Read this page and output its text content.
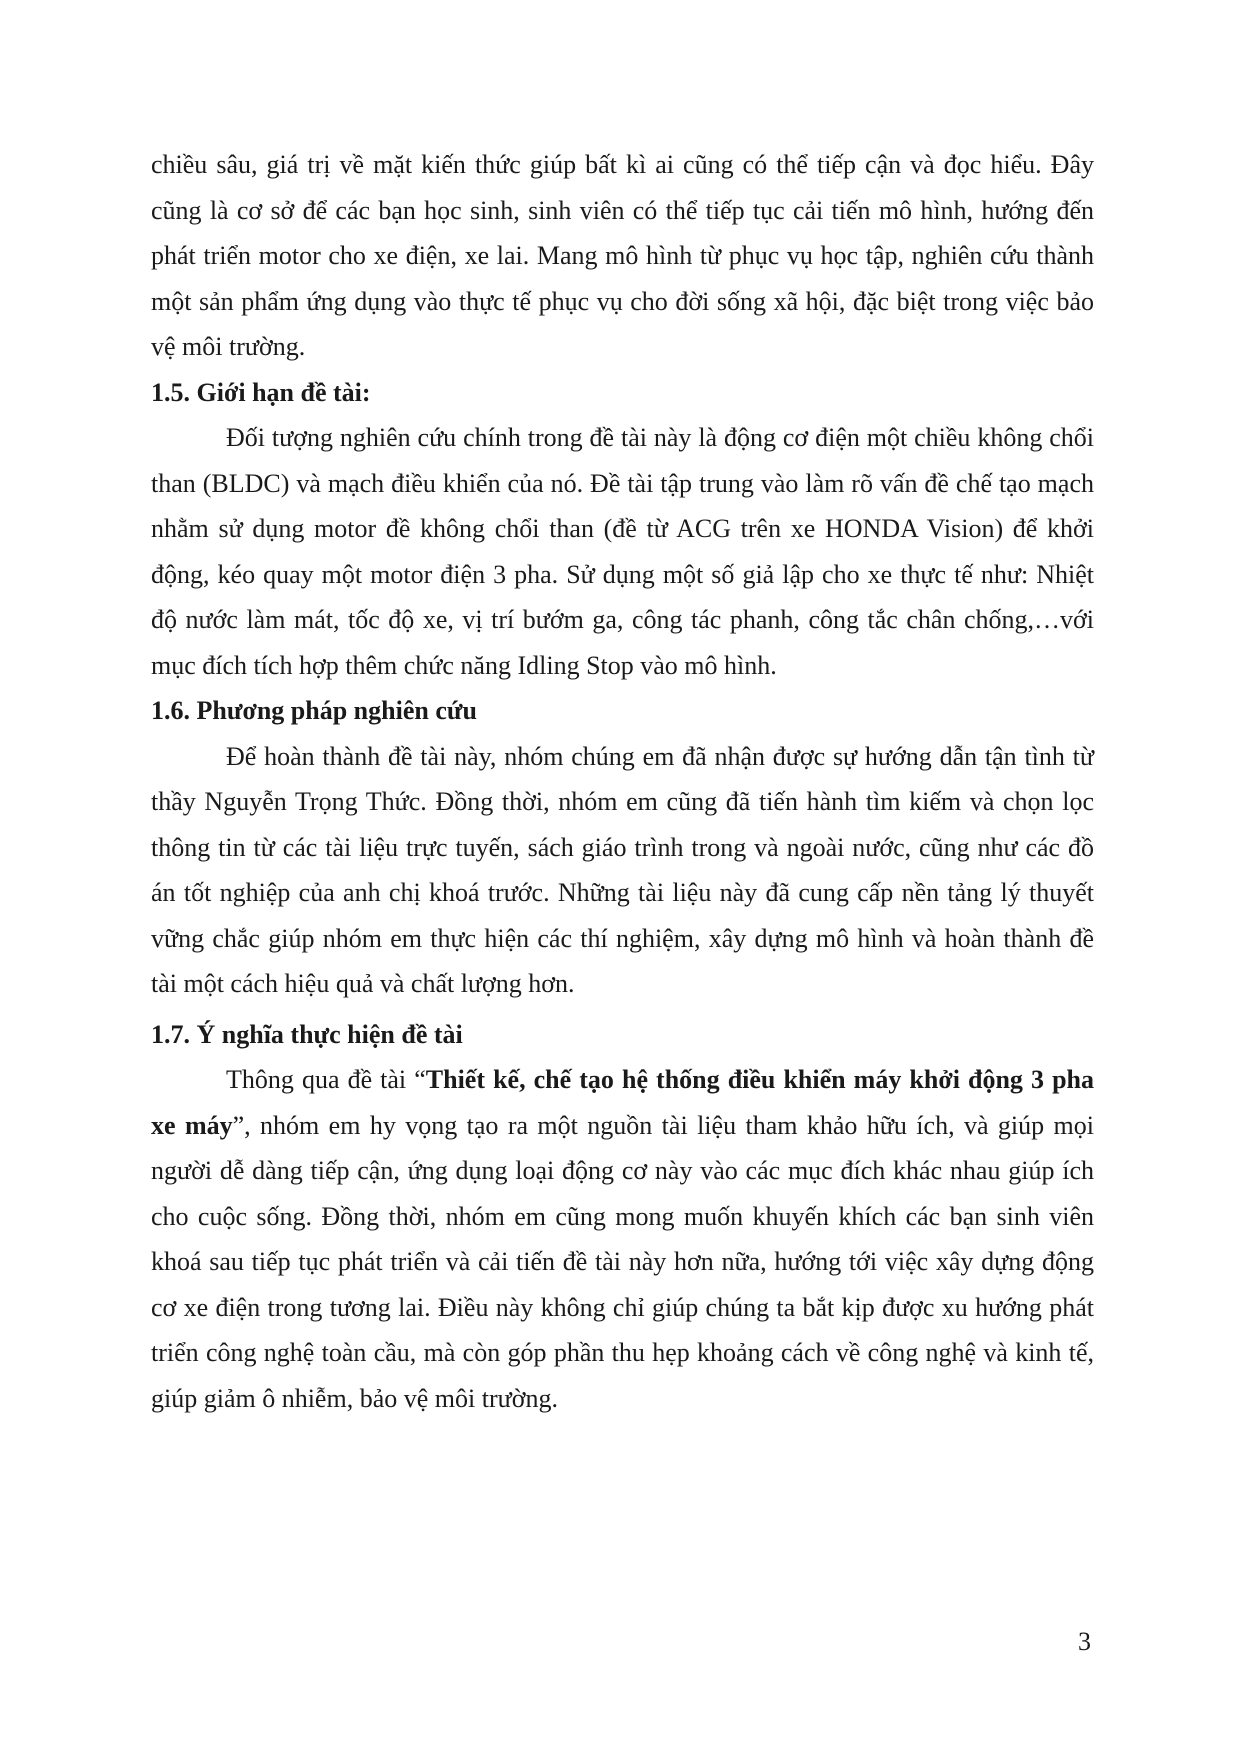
chiều sâu, giá trị về mặt kiến thức giúp bất kì ai cũng có thể tiếp cận và đọc hiểu. Đây cũng là cơ sở để các bạn học sinh, sinh viên có thể tiếp tục cải tiến mô hình, hướng đến phát triển motor cho xe điện, xe lai. Mang mô hình từ phục vụ học tập, nghiên cứu thành một sản phẩm ứng dụng vào thực tế phục vụ cho đời sống xã hội, đặc biệt trong việc bảo vệ môi trường.

1.5. Giới hạn đề tài:

Đối tượng nghiên cứu chính trong đề tài này là động cơ điện một chiều không chổi than (BLDC) và mạch điều khiển của nó. Đề tài tập trung vào làm rõ vấn đề chế tạo mạch nhằm sử dụng motor đề không chổi than (đề từ ACG trên xe HONDA Vision) để khởi động, kéo quay một motor điện 3 pha. Sử dụng một số giả lập cho xe thực tế như: Nhiệt độ nước làm mát, tốc độ xe, vị trí bướm ga, công tác phanh, công tắc chân chống,…với mục đích tích hợp thêm chức năng Idling Stop vào mô hình.

1.6. Phương pháp nghiên cứu

Để hoàn thành đề tài này, nhóm chúng em đã nhận được sự hướng dẫn tận tình từ thầy Nguyễn Trọng Thức. Đồng thời, nhóm em cũng đã tiến hành tìm kiếm và chọn lọc thông tin từ các tài liệu trực tuyến, sách giáo trình trong và ngoài nước, cũng như các đồ án tốt nghiệp của anh chị khoá trước. Những tài liệu này đã cung cấp nền tảng lý thuyết vững chắc giúp nhóm em thực hiện các thí nghiệm, xây dựng mô hình và hoàn thành đề tài một cách hiệu quả và chất lượng hơn.

1.7. Ý nghĩa thực hiện đề tài

Thông qua đề tài “Thiết kế, chế tạo hệ thống điều khiển máy khởi động 3 pha xe máy”, nhóm em hy vọng tạo ra một nguồn tài liệu tham khảo hữu ích, và giúp mọi người dễ dàng tiếp cận, ứng dụng loại động cơ này vào các mục đích khác nhau giúp ích cho cuộc sống. Đồng thời, nhóm em cũng mong muốn khuyến khích các bạn sinh viên khoá sau tiếp tục phát triển và cải tiến đề tài này hơn nữa, hướng tới việc xây dựng động cơ xe điện trong tương lai. Điều này không chỉ giúp chúng ta bắt kịp được xu hướng phát triển công nghệ toàn cầu, mà còn góp phần thu hẹp khoảng cách về công nghệ và kinh tế, giúp giảm ô nhiễm, bảo vệ môi trường.

3
